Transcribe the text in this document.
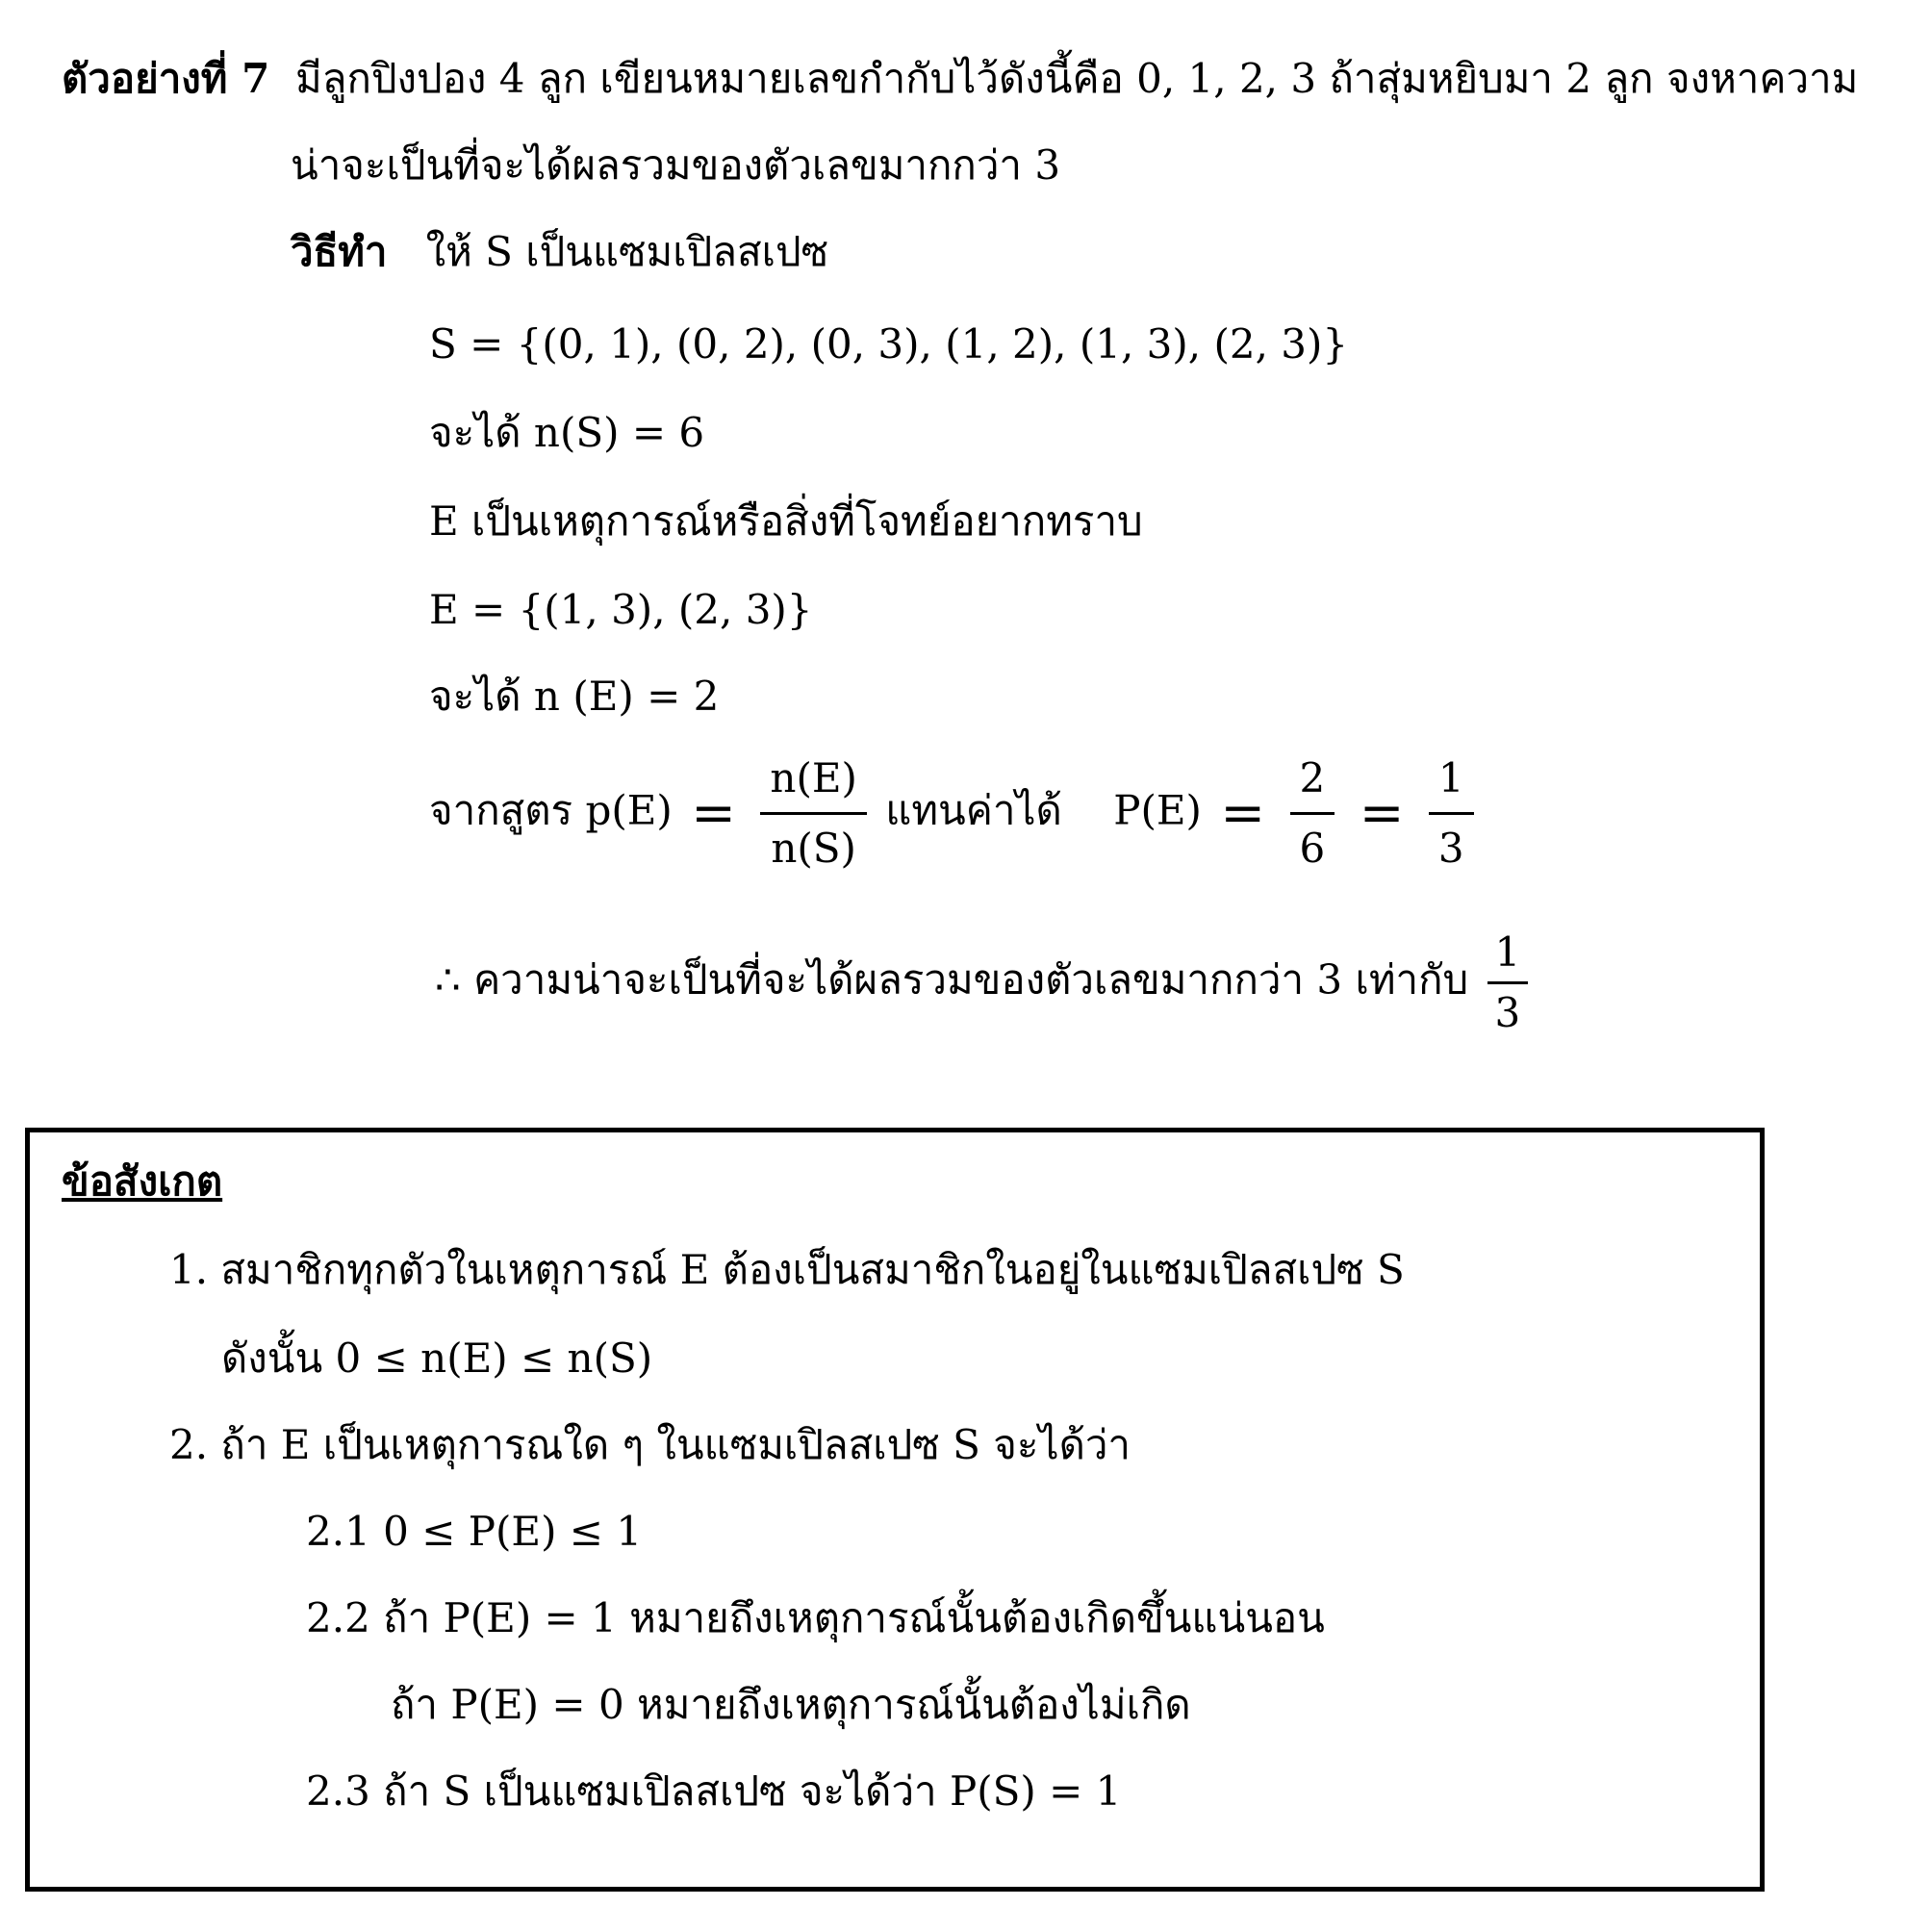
ตัวอย่างที่ 7 มีลูกปิงปอง 4 ลูก เขียนหมายเลขกำกับไว้ดังนี้คือ 0, 1, 2, 3 ถ้าสุ่มหยิบมา 2 ลูก จงหาความ
น่าจะเป็นที่จะได้ผลรวมของตัวเลขมากกว่า 3
วิธีทำ ให้ S เป็นแซมเปิลสเปซ
S = {(0, 1), (0, 2), (0, 3), (1, 2), (1, 3), (2, 3)}
จะได้ n(S) = 6
E เป็นเหตุการณ์หรือสิ่งที่โจทย์อยากทราบ
E = {(1, 3), (2, 3)}
จะได้ n (E) = 2
จากสูตร $p(E) = \frac{n(E)}{n(S)}$ แทนค่าได้ $P(E) = \frac{2}{6} = \frac{1}{3}$
∴ ความน่าจะเป็นที่จะได้ผลรวมของตัวเลขมากกว่า 3 เท่ากับ $\frac{1}{3}$
ข้อสังเกต
1. สมาชิกทุกตัวในเหตุการณ์ E ต้องเป็นสมาชิกในอยู่ในแซมเปิลสเปซ S
ดังนั้น 0 ≤ n(E) ≤ n(S)
2. ถ้า E เป็นเหตุการณใด ๆ ในแซมเปิลสเปซ S จะได้ว่า
2.1 0 ≤ P(E) ≤ 1
2.2 ถ้า P(E) = 1 หมายถึงเหตุการณ์นั้นต้องเกิดขึ้นแน่นอน
ถ้า P(E) = 0 หมายถึงเหตุการณ์นั้นต้องไม่เกิด
2.3 ถ้า S เป็นแซมเปิลสเปซ จะได้ว่า P(S) = 1
